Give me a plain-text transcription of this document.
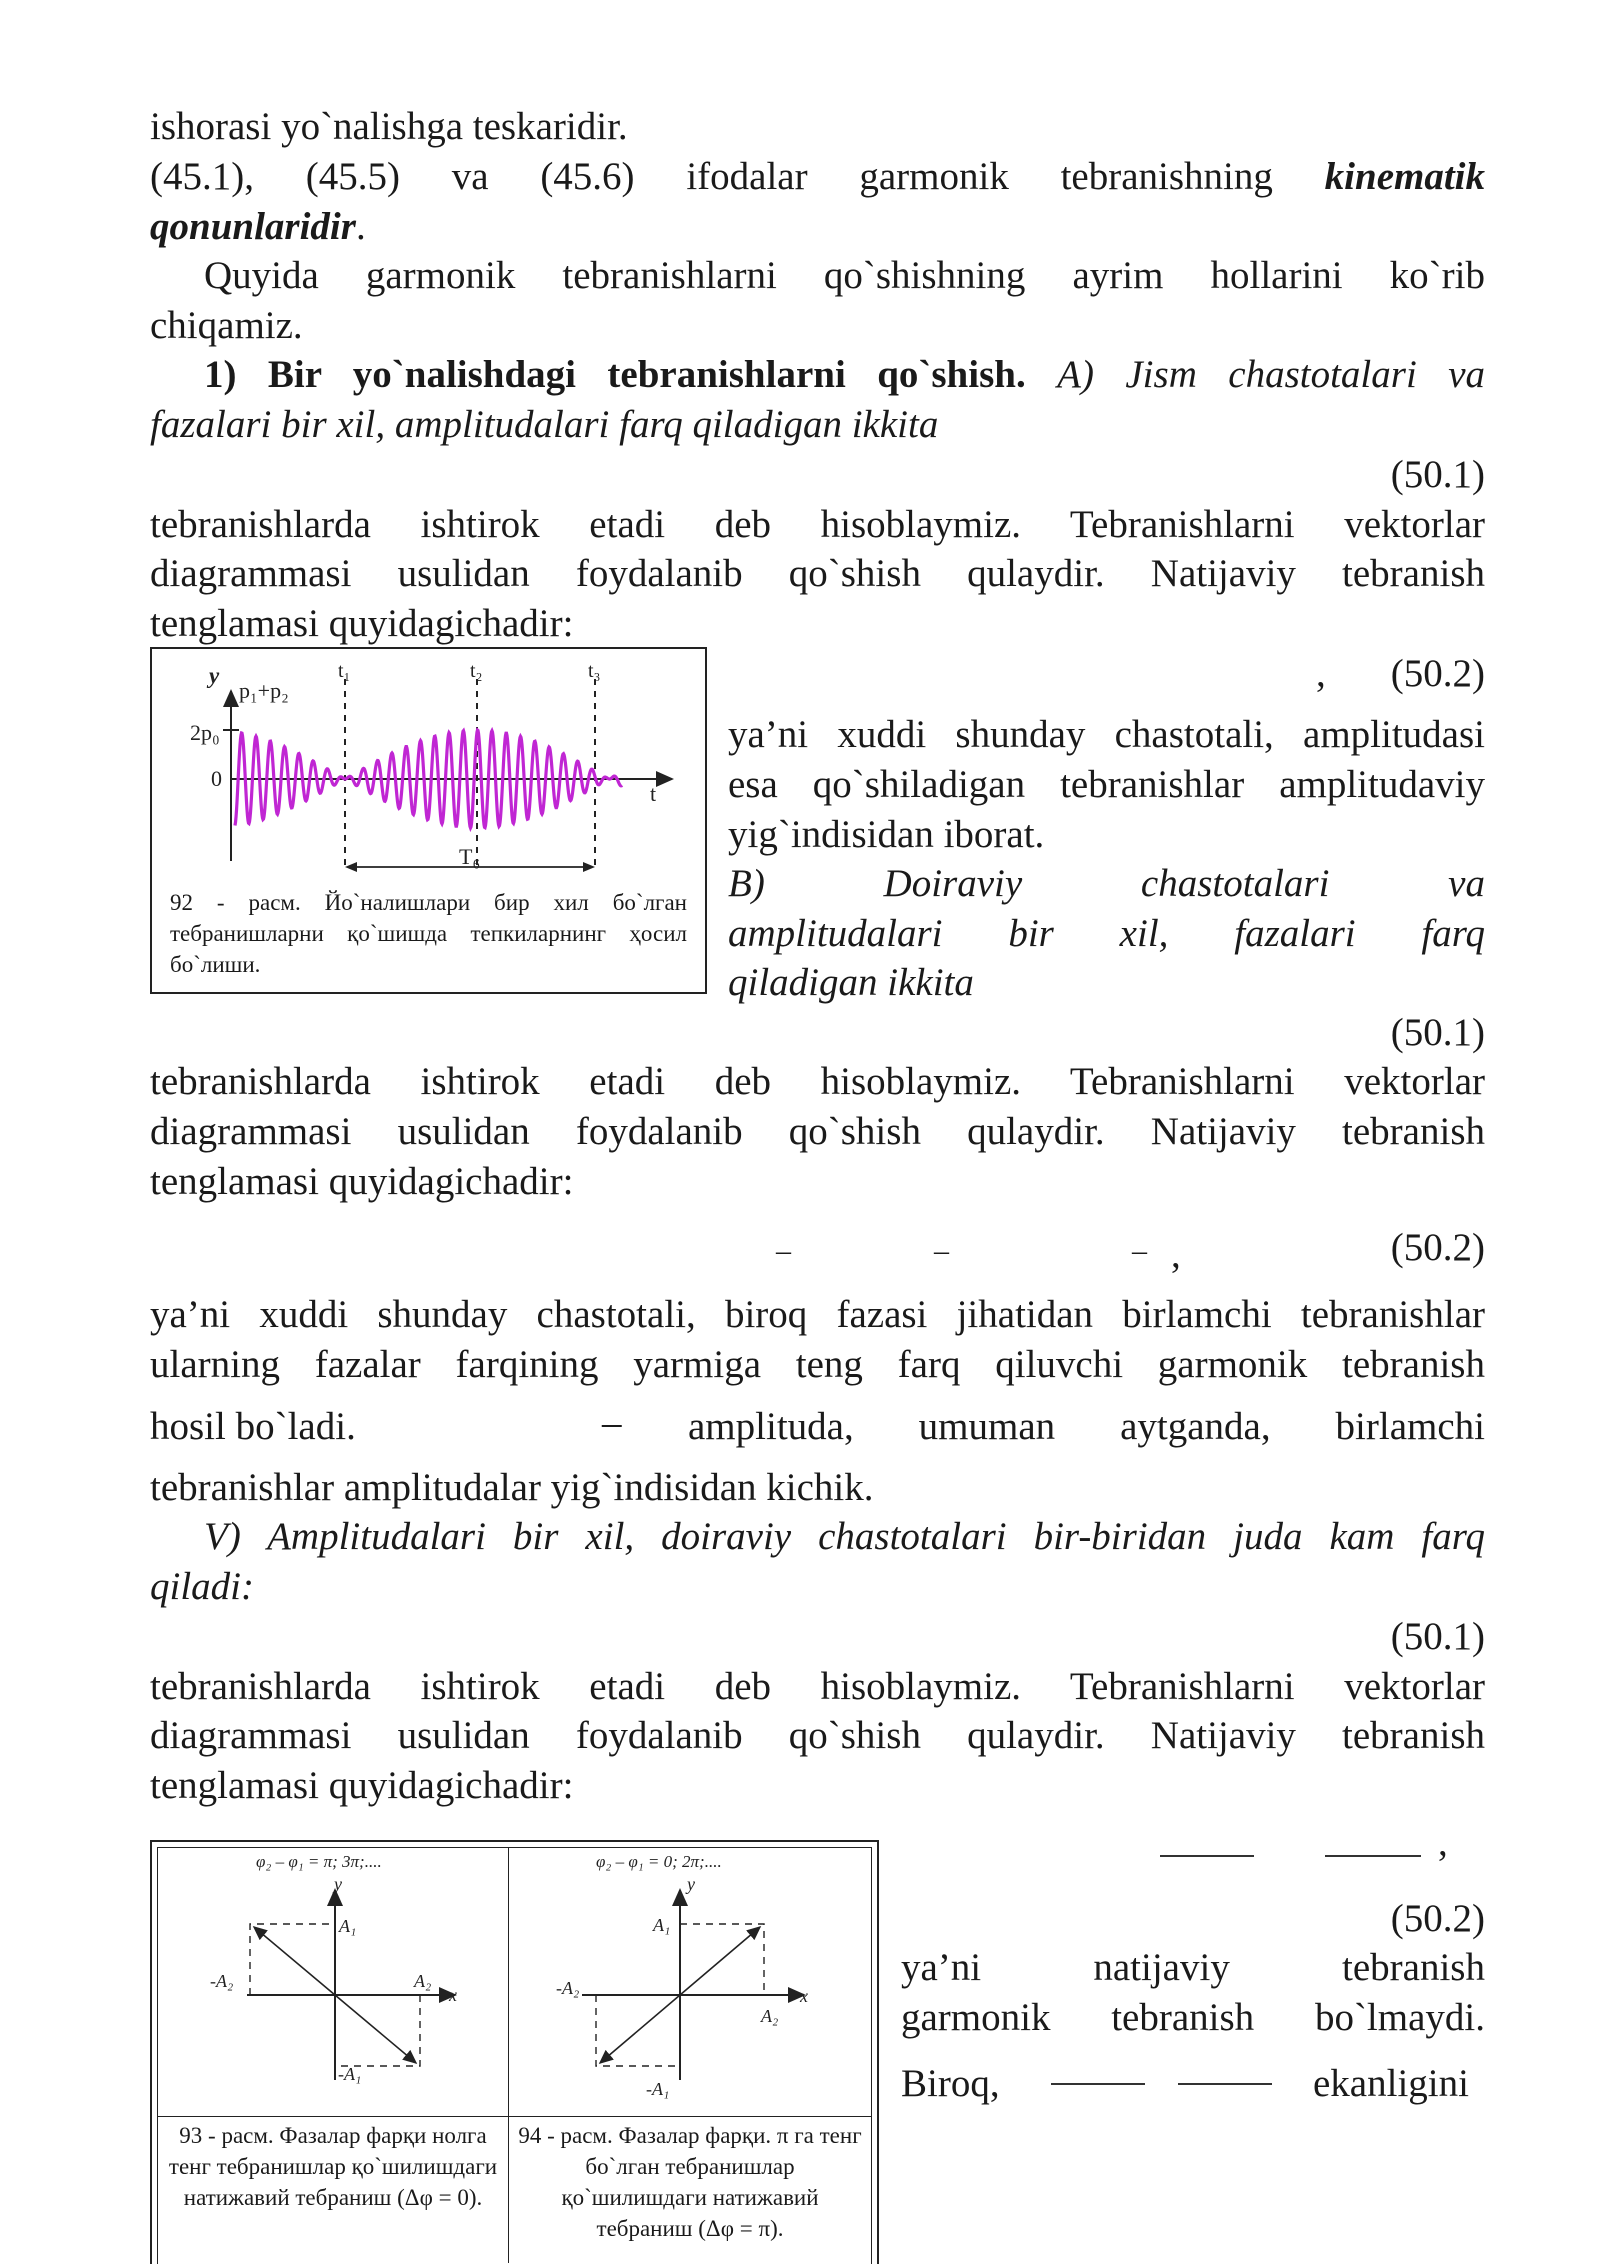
ishorasi yo`nalishga teskaridir.
(45.1), (45.5) va (45.6) ifodalar garmonik tebranishning kinematik
qonunlaridir.
Quyida garmonik tebranishlarni qo`shishning ayrim hollarini ko`rib
chiqamiz.
1) Bir yo`nalishdagi tebranishlarni qo`shish. A) Jism chastotalari va
fazalari bir xil, amplitudalari farq qiladigan ikkita
(50.1)
tebranishlarda ishtirok etadi deb hisoblaymiz. Tebranishlarni vektorlar
diagrammasi usulidan foydalanib qo`shish qulaydir. Natijaviy tebranish
tenglamasi quyidagichadir:
,	(50.2)
ya’ni xuddi shunday chastotali, amplitudasi
esa qo`shiladigan tebranishlar amplitudaviy
yig`indisidan iborat.
y
p₁+p₂
2p₀
0
t
t₁	t₂	t₃
T₆
92 - расм. Йо`налишлари бир хил бо`лган тебранишларни қо`шишда тепкиларнинг ҳосил бо`лиши.
B) Doiraviy chastotalari va
amplitudalari bir xil, fazalari farq
qiladigan ikkita
(50.1)
tebranishlarda ishtirok etadi deb hisoblaymiz. Tebranishlarni vektorlar
diagrammasi usulidan foydalanib qo`shish qulaydir. Natijaviy tebranish
tenglamasi quyidagichadir:
–	–	– ,	(50.2)
ya’ni xuddi shunday chastotali, biroq fazasi jihatidan birlamchi tebranishlar
ularning fazalar farqining yarmiga teng farq qiluvchi garmonik tebranish
hosil bo`ladi.	– amplituda, umuman aytganda, birlamchi
tebranishlar amplitudalar yig`indisidan kichik.
V) Amplitudalari bir xil, doiraviy chastotalari bir-biridan juda kam farq
qiladi:
(50.1)
tebranishlarda ishtirok etadi deb hisoblaymiz. Tebranishlarni vektorlar
diagrammasi usulidan foydalanib qo`shish qulaydir. Natijaviy tebranish
tenglamasi quyidagichadir:
,
(50.2)
ya’ni natijaviy tebranish
garmonik tebranish bo`lmaydi.
Biroq,	ekanligini
φ₂ – φ₁ = π; 3π;....
y
x
A₁
-A₁
A₂
-A₂
φ₂ – φ₁ = 0; 2π;....
y
x
A₁
-A₁
A₂
-A₂
93 - расм. Фазалар фарқи нолга тенг тебранишлар қо`шилишдаги натижавий тебраниш (Δφ = 0).
94 - расм. Фазалар фарқи. π га тенг бо`лган тебранишлар қо`шилишдаги натижавий тебраниш (Δφ = π).
